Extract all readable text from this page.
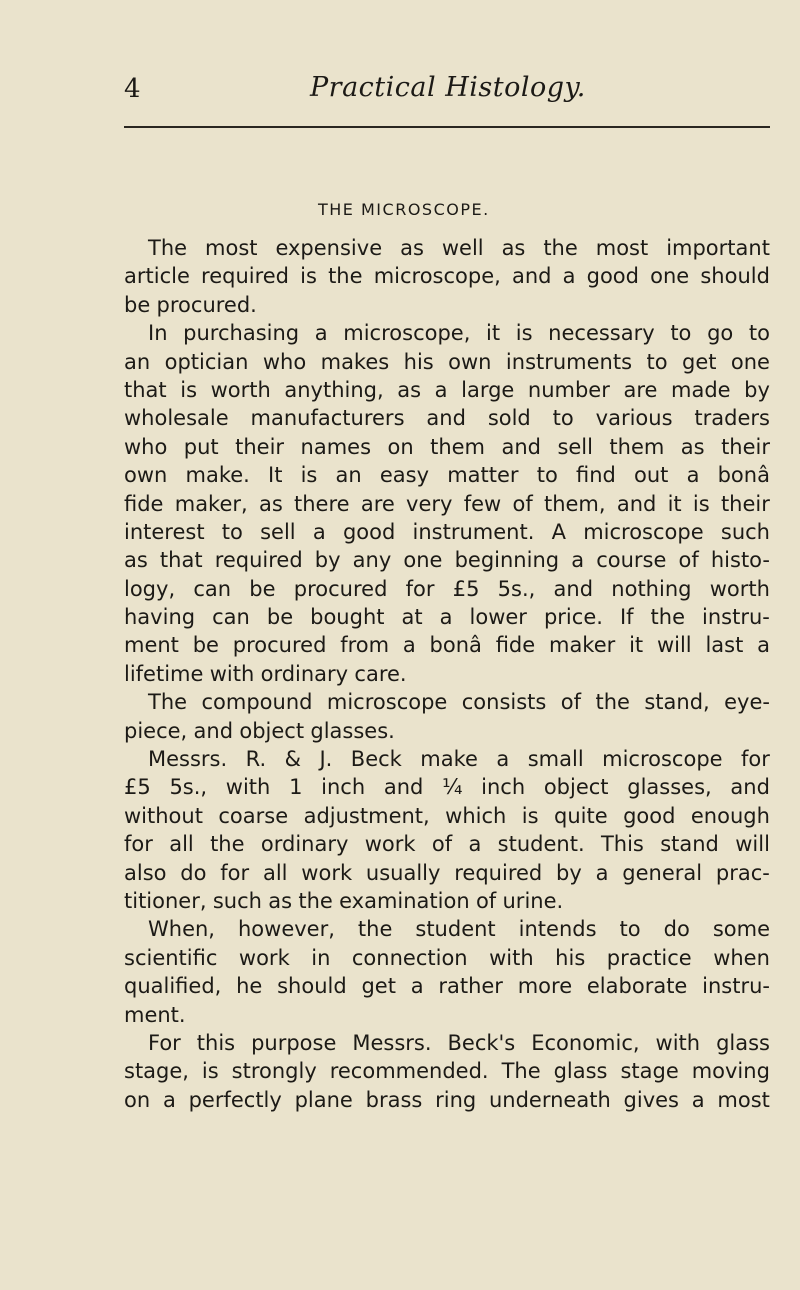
4	Practical Histology.
THE MICROSCOPE.
The most expensive as well as the most important
article required is the microscope, and a good one should
be procured.
In purchasing a microscope, it is necessary to go to
an optician who makes his own instruments to get one
that is worth anything, as a large number are made by
wholesale manufacturers and sold to various traders
who put their names on them and sell them as their
own make. It is an easy matter to find out a bonâ
fide maker, as there are very few of them, and it is their
interest to sell a good instrument. A microscope such
as that required by any one beginning a course of histo-
logy, can be procured for £5 5s., and nothing worth
having can be bought at a lower price. If the instru-
ment be procured from a bonâ fide maker it will last a
lifetime with ordinary care.
The compound microscope consists of the stand, eye-
piece, and object glasses.
Messrs. R. & J. Beck make a small microscope for
£5 5s., with 1 inch and ¼ inch object glasses, and
without coarse adjustment, which is quite good enough
for all the ordinary work of a student. This stand will
also do for all work usually required by a general prac-
titioner, such as the examination of urine.
When, however, the student intends to do some
scientific work in connection with his practice when
qualified, he should get a rather more elaborate instru-
ment.
For this purpose Messrs. Beck's Economic, with glass
stage, is strongly recommended. The glass stage moving
on a perfectly plane brass ring underneath gives a most
